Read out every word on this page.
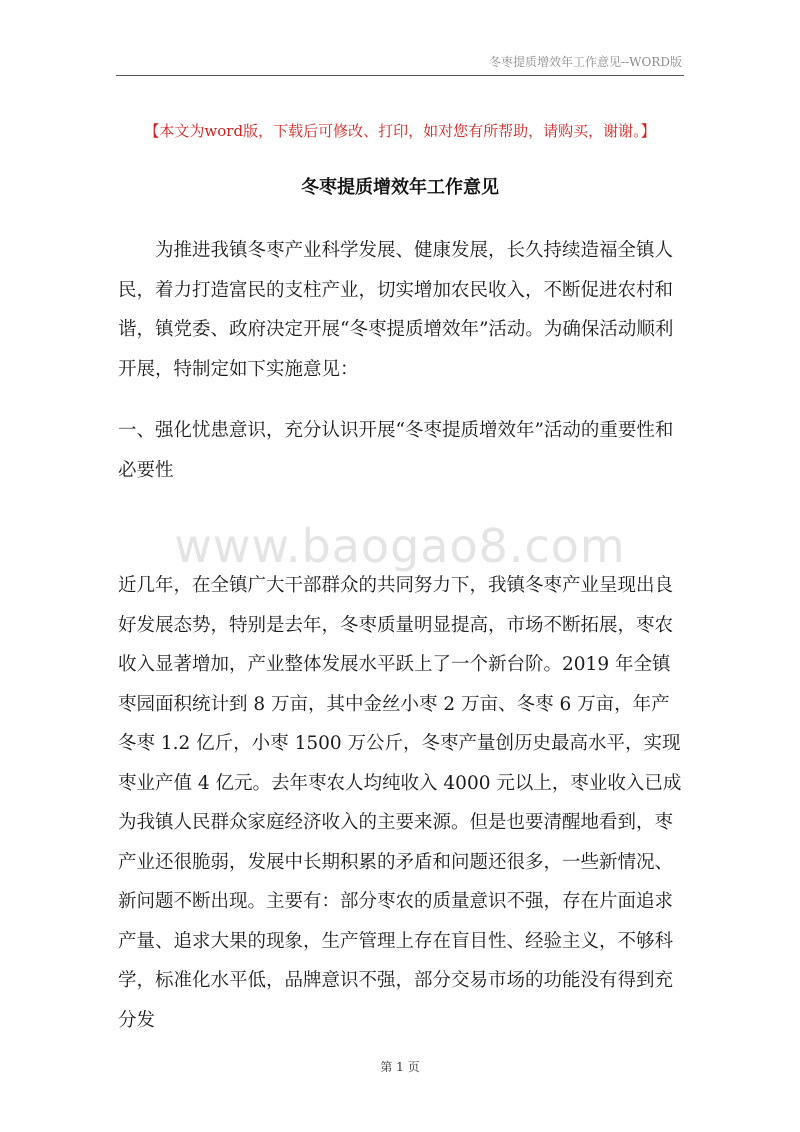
冬枣提质增效年工作意见--WORD版
【本文为word版，下载后可修改、打印，如对您有所帮助，请购买，谢谢。】
冬枣提质增效年工作意见

为推进我镇冬枣产业科学发展、健康发展，长久持续造福全镇人民，着力打造富民的支柱产业，切实增加农民收入，不断促进农村和谐，镇党委、政府决定开展“冬枣提质增效年”活动。为确保活动顺利开展，特制定如下实施意见：

一、强化忧患意识，充分认识开展“冬枣提质增效年”活动的重要性和必要性

www.baogao8.com

近几年，在全镇广大干部群众的共同努力下，我镇冬枣产业呈现出良好发展态势，特别是去年，冬枣质量明显提高，市场不断拓展，枣农收入显著增加，产业整体发展水平跃上了一个新台阶。2019 年全镇枣园面积统计到 8 万亩，其中金丝小枣 2 万亩、冬枣 6 万亩，年产冬枣 1.2 亿斤，小枣 1500 万公斤，冬枣产量创历史最高水平，实现枣业产值 4 亿元。去年枣农人均纯收入 4000 元以上，枣业收入已成为我镇人民群众家庭经济收入的主要来源。但是也要清醒地看到，枣产业还很脆弱，发展中长期积累的矛盾和问题还很多，一些新情况、新问题不断出现。主要有：部分枣农的质量意识不强，存在片面追求产量、追求大果的现象，生产管理上存在盲目性、经验主义，不够科学，标准化水平低，品牌意识不强，部分交易市场的功能没有得到充分发

第 1 页
